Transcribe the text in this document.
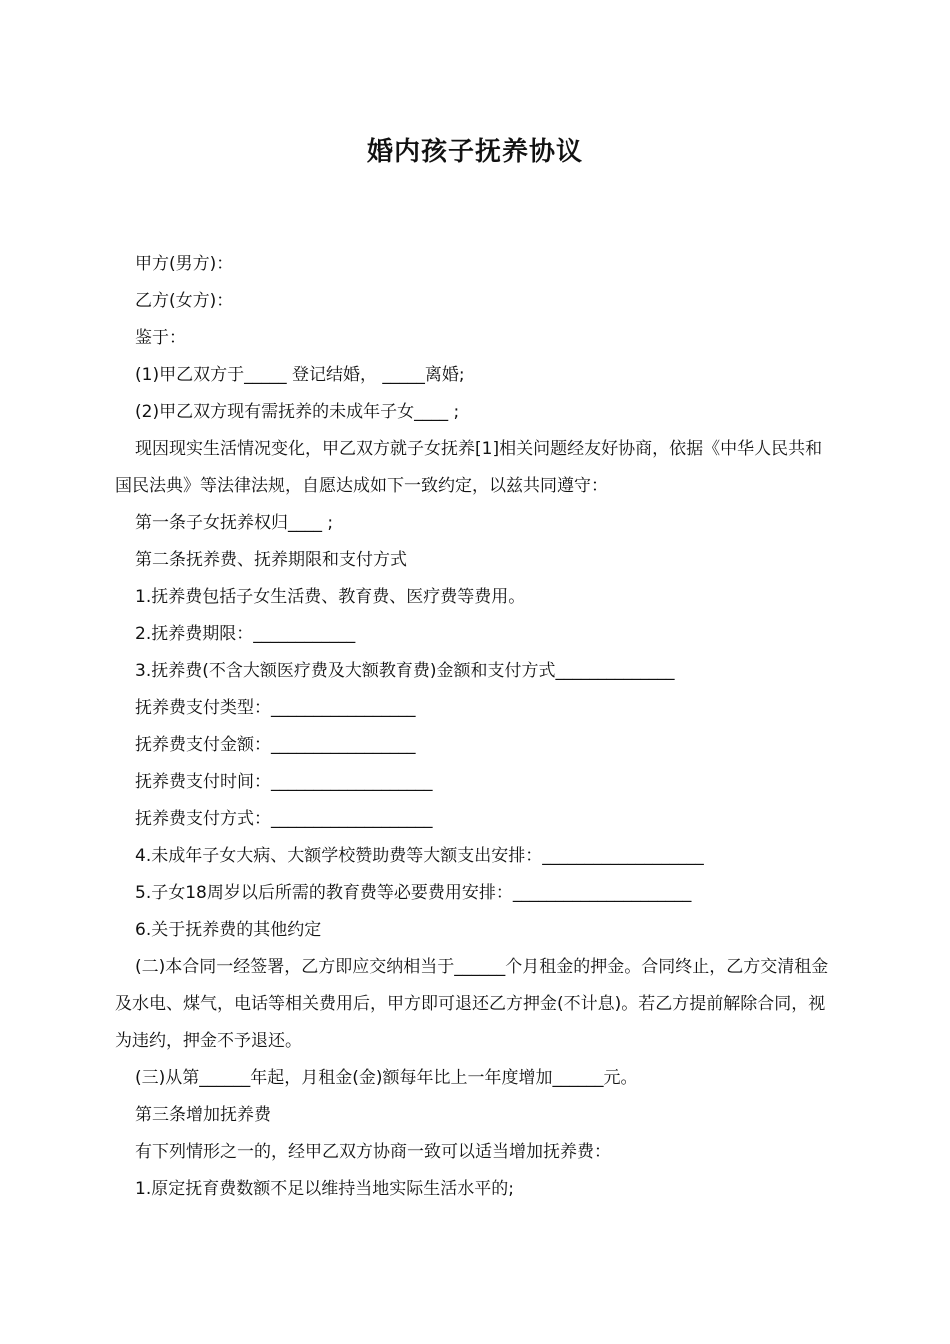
婚内孩子抚养协议

甲方(男方)：

乙方(女方)：

鉴于：

(1)甲乙双方于_____ 登记结婚， _____离婚;

(2)甲乙双方现有需抚养的未成年子女____ ;

现因现实生活情况变化，甲乙双方就子女抚养[1]相关问题经友好协商，依据《中华人民共和国民法典》等法律法规，自愿达成如下一致约定，以兹共同遵守：

第一条子女抚养权归____ ;

第二条抚养费、抚养期限和支付方式

1.抚养费包括子女生活费、教育费、医疗费等费用。

2.抚养费期限：____________

3.抚养费(不含大额医疗费及大额教育费)金额和支付方式______________

抚养费支付类型：_________________

抚养费支付金额：_________________

抚养费支付时间：___________________

抚养费支付方式：___________________

4.未成年子女大病、大额学校赞助费等大额支出安排：___________________

5.子女18周岁以后所需的教育费等必要费用安排：_____________________

6.关于抚养费的其他约定

(二)本合同一经签署，乙方即应交纳相当于______个月租金的押金。合同终止，乙方交清租金及水电、煤气，电话等相关费用后，甲方即可退还乙方押金(不计息)。若乙方提前解除合同，视为违约，押金不予退还。

(三)从第______年起，月租金(金)额每年比上一年度增加______元。

第三条增加抚养费

有下列情形之一的，经甲乙双方协商一致可以适当增加抚养费：

1.原定抚育费数额不足以维持当地实际生活水平的;
